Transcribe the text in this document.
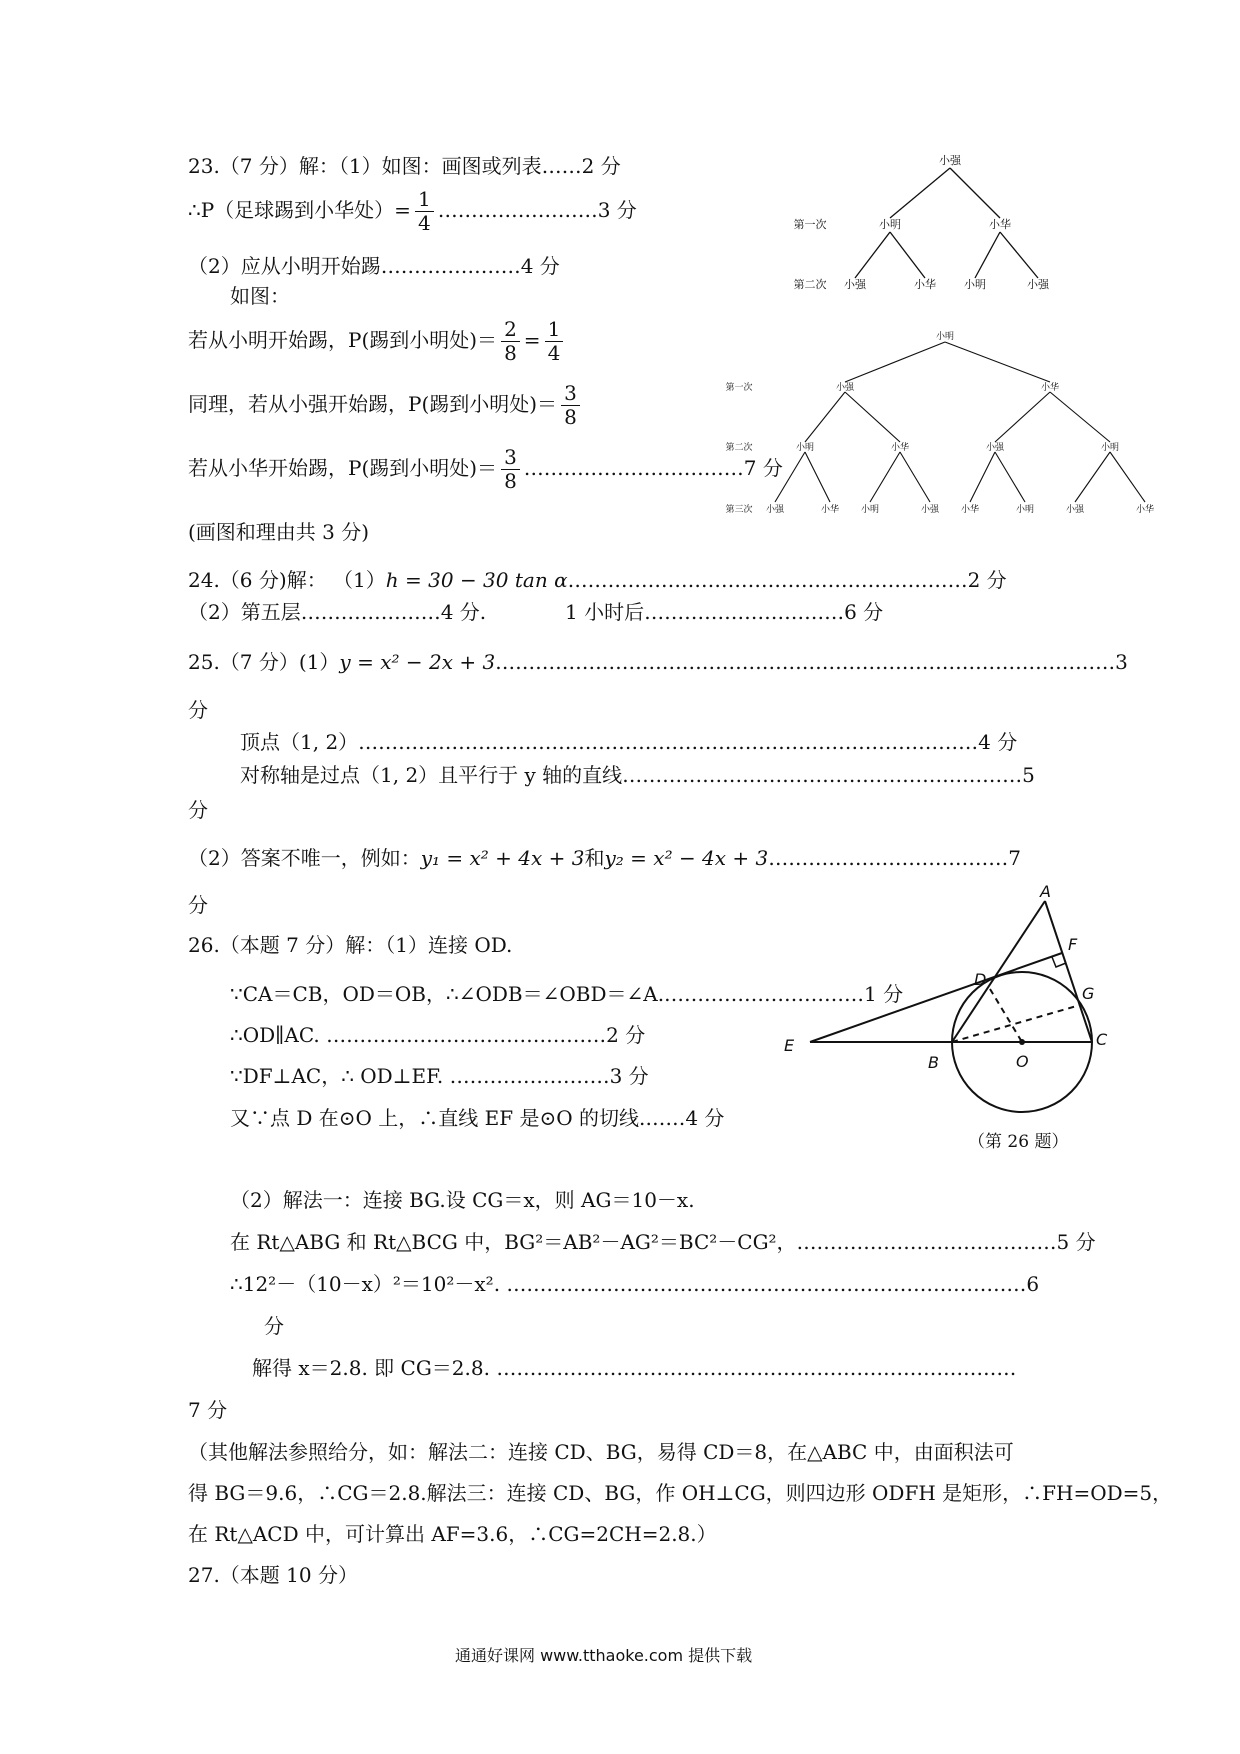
23.（7 分）解：（1）如图：画图或列表……2 分
∴P（足球踢到小华处）= $\frac{1}{4}$ ……………………3 分
（2）应从小明开始踢…………………4 分
如图：
若从小明开始踢，P(踢到小明处)＝ $\frac{2}{8} = \frac{1}{4}$
同理，若从小强开始踢，P(踢到小明处)＝ $\frac{3}{8}$
若从小华开始踢，P(踢到小明处)＝ $\frac{3}{8}$ ……………………………7 分
(画图和理由共 3 分)
小强
第一次
第二次
小明	小华
小强	小华	小明	小强
小明
第一次
第二次
第三次
小强	小华
小明	小华	小强	小明
小强	小华 小明	小强 小华	小明	小强	小华
24.（6 分)解： （1）h = 30 − 30 tan α……………………………………………………2 分
（2）第五层…………………4 分.	1 小时后…………………………6 分
25.（7 分）(1）y = x² − 2x + 3…………………………………………………………………………………3
分
顶点（1, 2）…………………………………………………………………………………4 分
对称轴是过点（1, 2）且平行于 y 轴的直线……………………………………………………5
分
（2）答案不唯一，例如：y₁ = x² + 4x + 3和y₂ = x² − 4x + 3………………………………7
分
26.（本题 7 分）解：（1）连接 OD.
∵CA＝CB，OD＝OB，∴∠ODB＝∠OBD＝∠A.…………………………1 分
∴OD∥AC. ……………………………………2 分
∵DF⊥AC，∴ OD⊥EF. ……………………3 分
又∵点 D 在⊙O 上，∴直线 EF 是⊙O 的切线.……4 分
A
B
C
D
E
F
G
O
（第 26 题）
（2）解法一：连接 BG.设 CG＝x，则 AG＝10－x.
在 Rt△ABG 和 Rt△BCG 中，BG²＝AB²－AG²＝BC²－CG²，…………………………………5 分
∴12²－（10－x）²＝10²－x². ……………………………………………………………………6
分
解得 x＝2.8. 即 CG＝2.8. ……………………………………………………………………
7 分
（其他解法参照给分，如：解法二：连接 CD、BG，易得 CD＝8，在△ABC 中，由面积法可
得 BG＝9.6，∴CG＝2.8.解法三：连接 CD、BG，作 OH⊥CG，则四边形 ODFH 是矩形，∴FH=OD=5，
在 Rt△ACD 中，可计算出 AF=3.6，∴CG=2CH=2.8.）
27.（本题 10 分）
通通好课网 www.tthaoke.com 提供下载
